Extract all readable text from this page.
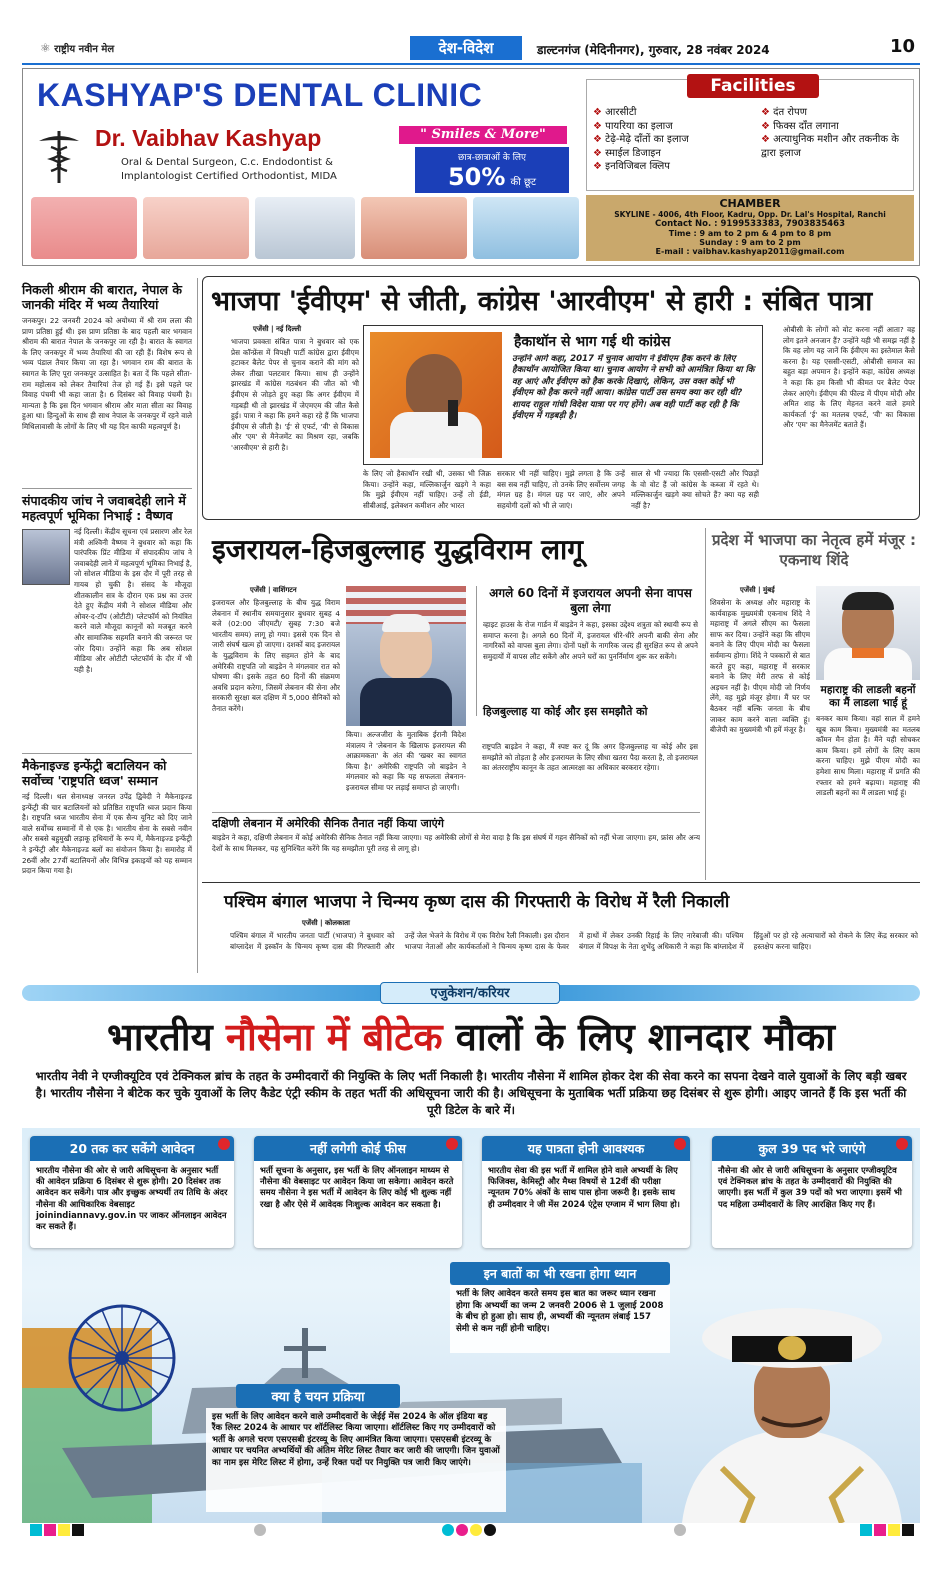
⚛ राष्ट्रीय नवीन मेल	देश-विदेश	डाल्टनगंज (मेदिनीनगर), गुरुवार, 28 नवंबर 2024	10
KASHYAP'S DENTAL CLINIC
Dr. Vaibhav Kashyap	" Smiles & More"
Oral & Dental Surgeon, C.c. Endodontist &
Implantologist Certified Orthodontist, MIDA
छात्र-छात्राओं के लिए
50% की छूट
Facilities
❖ आरसीटी
❖ पायरिया का इलाज
❖ टेढ़े-मेढ़े दाँतों का इलाज
❖ स्माईल डिजाइन
❖ इनविजिबल क्लिप
❖ दंत रोपण
❖ फिक्स दाँत लगाना
❖ अत्याधुनिक मशीन और तकनीक के द्वारा इलाज
CHAMBER
SKYLINE - 4006, 4th Floor, Kadru, Opp. Dr. Lal's Hospital, Ranchi
Contact No. : 9199533383, 7903835463
Time : 9 am to 2 pm & 4 pm to 8 pm
Sunday : 9 am to 2 pm
E-mail : vaibhav.kashyap2011@gmail.com
निकली श्रीराम की बारात, नेपाल के जानकी मंदिर में भव्य तैयारियां
जनकपुर। 22 जनवरी 2024 को अयोध्या में श्री राम लला की प्राण प्रतिष्ठा हुई थी। इस प्राण प्रतिष्ठा के बाद पहली बार भगवान श्रीराम की बारात नेपाल के जनकपुर जा रही है। बारात के स्वागत के लिए जनकपुर में भव्य तैयारियां की जा रही हैं। विशेष रूप से भव्य पंडाल तैयार किया जा रहा है। भगवान राम की बारात के स्वागत के लिए पूरा जनकपुर उत्साहित है। बता दें कि पहले सीता-राम महोत्सव को लेकर तैयारियां तेज हो गई हैं। इसे पहले पर विवाह पंचमी भी कहा जाता है। 6 दिसंबर को विवाह पंचमी है। मान्यता है कि इस दिन भगवान श्रीराम और माता सीता का विवाह हुआ था। हिन्दुओं के साथ ही साथ नेपाल के जनकपुर में रहने वाले मिथिलावासी के लोगों के लिए भी यह दिन काफी महत्वपूर्ण है।
संपादकीय जांच ने जवाबदेही लाने में महत्वपूर्ण भूमिका निभाई : वैष्णव
नई दिल्ली। केंद्रीय सूचना एवं प्रसारण और रेल मंत्री अश्विनी वैष्णव ने बुधवार को कहा कि पारंपरिक प्रिंट मीडिया में संपादकीय जांच ने जवाबदेही लाने में महत्वपूर्ण भूमिका निभाई है, जो सोशल मीडिया के इस दौर में पूरी तरह से गायब हो चुकी है। संसद के मौजूदा शीतकालीन सत्र के दौरान एक प्रश्न का उत्तर देते हुए केंद्रीय मंत्री ने सोशल मीडिया और ओवर-द-टॉप (ओटीटी) प्लेटफॉर्म को नियंत्रित करने वाले मौजूदा कानूनों को मजबूत करने और सामाजिक सहमति बनाने की जरूरत पर जोर दिया। उन्होंने कहा कि अब सोशल मीडिया और ओटीटी प्लेटफॉर्म के दौर में भी यही है।
मैकेनाइज्ड इन्फेंट्री बटालियन को सर्वोच्च 'राष्ट्रपति ध्वज' सम्मान
नई दिल्ली। थल सेनाध्यक्ष जनरल उपेंद्र द्विवेदी ने मैकेनाइज्ड इन्फेंट्री की चार बटालियनों को प्रतिष्ठित राष्ट्रपति ध्वज प्रदान किया है। राष्ट्रपति ध्वज भारतीय सेना में एक सैन्य यूनिट को दिए जाने वाले सर्वोच्च सम्मानों में से एक है। भारतीय सेना के सबसे नवीन और सबसे बहुमुखी लड़ाकू हथियारों के रूप में, मैकेनाइज्ड इन्फेंट्री ने इन्फेंट्री और मैकेनाइज्ड बलों का संयोजन किया है। समारोह में 26वीं और 27वीं बटालियनों और विभिन्न इकाइयों को यह सम्मान प्रदान किया गया है।
भाजपा 'ईवीएम' से जीती, कांग्रेस 'आरवीएम' से हारी : संबित पात्रा
एजेंसी | नई दिल्ली
भाजपा प्रवक्ता संबित पात्रा ने बुधवार को एक प्रेस कॉन्फ्रेंस में विपक्षी पार्टी कांग्रेस द्वारा ईवीएम हटाकर बैलेट पेपर से चुनाव कराने की मांग को लेकर तीखा पलटवार किया। साथ ही उन्होंने झारखंड में कांग्रेस गठबंधन की जीत को भी ईवीएम से जोड़ते हुए कहा कि अगर ईवीएम में गड़बड़ी थी तो झारखंड में जेएमएम की जीत कैसे हुई। पात्रा ने कहा कि हमने कहा रहे हैं कि भाजपा ईवीएम से जीती है। 'ई' से एफर्ट, 'वी' से विकास और 'एम' से मैनेजमेंट का मिश्रण रहा, जबकि 'आरवीएम' से हारी है।
हैकाथॉन से भाग गई थी कांग्रेस
उन्होंने आगे कहा, 2017 में चुनाव आयोग ने ईवीएम हैक करने के लिए हैकाथॉन आयोजित किया था। चुनाव आयोग ने सभी को आमंत्रित किया था कि वह आएं और ईवीएम को हैक करके दिखाएं, लेकिन, उस वक्त कोई भी ईवीएम को हैक करने नहीं आया। कांग्रेस पार्टी उस समय क्या कर रही थी? शायद राहुल गांधी विदेश यात्रा पर गए होंगे। अब वही पार्टी कह रही है कि ईवीएम में गड़बड़ी है।
के लिए जो हैकाथॉन रखी थी, उसका भी जिक्र किया। उन्होंने कहा, मल्लिकार्जुन खड़गे ने कहा कि मुझे ईवीएम नहीं चाहिए। उन्हें तो ईडी, सीबीआई, इलेक्शन कमीशन और भारत
सरकार भी नहीं चाहिए। मुझे लगता है कि उन्हें बस सब नहीं चाहिए, तो उनके लिए सर्वोत्तम जगह मंगल ग्रह है। मंगल ग्रह पर जाएं, और अपने सहयोगी दलों को भी ले जाएं।
साल से भी ज्यादा कि एससी-एसटी और पिछड़ों के वो वोट हैं जो कांग्रेस के कब्जा में रहते थे। मल्लिकार्जुन खड़गे क्या सोचते हैं? क्या यह सही नहीं है?
ओबीसी के लोगों को वोट करना नहीं आता? वह लोग इतने अनजान हैं? उन्होंने यही भी समझ नहीं है कि वह लोग यह जानें कि ईवीएम का इस्तेमाल कैसे करना है। यह एससी-एसटी, ओबीसी समाज का बहुत बड़ा अपमान है। इन्होंने कहा, कांग्रेस अध्यक्ष ने कहा कि हम किसी भी कीमत पर बैलेट पेपर लेकर आएंगे। ईवीएम की फील्ड में पीएम मोदी और अमित शाह के लिए मेहनत करने वाले हमारे कार्यकर्ता 'ई' का मतलब एफर्ट, 'वी' का विकास और 'एम' का मैनेजमेंट बताते हैं।
इजरायल-हिजबुल्लाह युद्धविराम लागू
एजेंसी | वाशिंगटन
इजरायल और हिजबुल्लाह के बीच युद्ध विराम लेबनान में स्थानीय समयानुसार बुधवार सुबह 4 बजे (02:00 जीएमटी/ सुबह 7:30 बजे भारतीय समय) लागू हो गया। इससे एक दिन से जारी संघर्ष खत्म हो जाएगा। दशकों बाद इजरायल के युद्धविराम के लिए सहमत होने के बाद अमेरिकी राष्ट्रपति जो बाइडेन ने मंगलवार रात को घोषणा की। इसके तहत 60 दिनों की संक्रमण अवधि प्रदान करेगा, जिसमें लेबनान की सेना और सरकारी सुरक्षा बल दक्षिण में 5,000 सैनिकों को तैनात करेंगे।
किया। अल्जजीरा के मुताबिक ईरानी विदेश मंत्रालय ने 'लेबनान के खिलाफ इजरायल की आक्रामकता' के अंत की 'खबर का स्वागत किया है।' अमेरिकी राष्ट्रपति जो बाइडेन ने मंगलवार को कहा कि यह सफलता लेबनान-इजरायल सीमा पर लड़ाई समाप्त हो जाएगी।
अगले 60 दिनों में इजरायल अपनी सेना वापस बुला लेगा
व्हाइट हाउस के रोज गार्डन में बाइडेन ने कहा, इसका उद्देश्य शत्रुता को स्थायी रूप से समाप्त करना है। अगले 60 दिनों में, इजरायल धीरे-धीरे अपनी बाकी सेना और नागरिकों को वापस बुला लेगा। दोनों पक्षों के नागरिक जल्द ही सुरक्षित रूप से अपने समुदायों में वापस लौट सकेंगे और अपने घरों का पुनर्निर्माण शुरू कर सकेंगे।
हिजबुल्लाह या कोई और इस समझौते को
राष्ट्रपति बाइडेन ने कहा, मैं स्पष्ट कर दूं कि अगर हिजबुल्लाह या कोई और इस समझौते को तोड़ता है और इजरायल के लिए सीधा खतरा पैदा करता है, तो इजरायल का अंतरराष्ट्रीय कानून के तहत आत्मरक्षा का अधिकार बरकरार रहेगा।
दक्षिणी लेबनान में अमेरिकी सैनिक तैनात नहीं किया जाएंगे
बाइडेन ने कहा, दक्षिणी लेबनान में कोई अमेरिकी सैनिक तैनात नहीं किया जाएगा। यह अमेरिकी लोगों से मेरा वादा है कि इस संघर्ष में गहन सैनिकों को नहीं भेजा जाएगा। हम, फ्रांस और अन्य देशों के साथ मिलकर, यह सुनिश्चित करेंगे कि यह समझौता पूरी तरह से लागू हो।
प्रदेश में भाजपा का नेतृत्व हमें मंजूर : एकनाथ शिंदे
एजेंसी | मुंबई
शिवसेना के अध्यक्ष और महाराष्ट्र के कार्यवाहक मुख्यमंत्री एकनाथ शिंदे ने महाराष्ट्र में अगले सीएम का फैसला साफ कर दिया। उन्होंने कहा कि सीएम बनाने के लिए पीएम मोदी का फैसला सर्वमान्य होगा। शिंदे ने पत्रकारों से बात करते हुए कहा, महाराष्ट्र में सरकार बनाने के लिए मेरी तरफ से कोई अड़चन नहीं है। पीएम मोदी जो निर्णय लेंगे, वह मुझे मंजूर होगा। मैं घर पर बैठकर नहीं बल्कि जनता के बीच जाकर काम करने वाला व्यक्ति हूं। बीजेपी का मुख्यमंत्री भी हमें मंजूर है।
महाराष्ट्र की लाडली बहनों का मैं लाडला भाई हूं
बनकर काम किया। वहां साल में हमने खूब काम किया। मुख्यमंत्री का मतलब कॉमन मैन होता है। मैंने यही सोचकर काम किया। हमें लोगों के लिए काम करना चाहिए। मुझे पीएम मोदी का हमेशा साथ मिला। महाराष्ट्र में प्रगति की रफ्तार को हमने बढ़ाया। महाराष्ट्र की लाडली बहनों का मैं लाडला भाई हूं।
पश्चिम बंगाल भाजपा ने चिन्मय कृष्ण दास की गिरफ्तारी के विरोध में रैली निकाली
एजेंसी | कोलकाता
पश्चिम बंगाल में भारतीय जनता पार्टी (भाजपा) ने बुधवार को बांग्लादेश में इस्कॉन के चिन्मय कृष्ण दास की गिरफ्तारी और उन्हें जेल भेजने के विरोध में एक विरोध रैली निकाली। इस दौरान भाजपा नेताओं और कार्यकर्ताओं ने चिन्मय कृष्ण दास के फेवर में हाथों में लेकर उनकी रिहाई के लिए नारेबाजी की। पश्चिम बंगाल में विपक्ष के नेता शुभेंदु अधिकारी ने कहा कि बांग्लादेश में हिंदुओं पर हो रहे अत्याचारों को रोकने के लिए केंद्र सरकार को हस्तक्षेप करना चाहिए।
एजुकेशन/करियर
भारतीय नौसेना में बीटेक वालों के लिए शानदार मौका
भारतीय नेवी ने एग्जीक्यूटिव एवं टेक्निकल ब्रांच के तहत के उम्मीदवारों की नियुक्ति के लिए भर्ती निकाली है। भारतीय नौसेना में शामिल होकर देश की सेवा करने का सपना देखने वाले युवाओं के लिए बड़ी खबर है। भारतीय नौसेना ने बीटेक कर चुके युवाओं के लिए कैडेट एंट्री स्कीम के तहत भर्ती की अधिसूचना जारी की है। अधिसूचना के मुताबिक भर्ती प्रक्रिया छह दिसंबर से शुरू होगी। आइए जानते हैं कि इस भर्ती की पूरी डिटेल के बारे में।
20 तक कर सकेंगे आवेदन
भारतीय नौसेना की ओर से जारी अधिसूचना के अनुसार भर्ती की आवेदन प्रक्रिया 6 दिसंबर से शुरू होगी। 20 दिसंबर तक आवेदन कर सकेंगे। पात्र और इच्छुक अभ्यर्थी तय तिथि के अंदर नौसेना की आधिकारिक वेबसाइट joinindiannavy.gov.in पर जाकर ऑनलाइन आवेदन कर सकते हैं।
नहीं लगेगी कोई फीस
भर्ती सूचना के अनुसार, इस भर्ती के लिए ऑनलाइन माध्यम से नौसेना की वेबसाइट पर आवेदन किया जा सकेगा। आवेदन करते समय नौसेना ने इस भर्ती में आवेदन के लिए कोई भी शुल्क नहीं रखा है और ऐसे में आवेदक निःशुल्क आवेदन कर सकता है।
यह पात्रता होनी आवश्यक
भारतीय सेवा की इस भर्ती में शामिल होने वाले अभ्यर्थी के लिए फिजिक्स, केमिस्ट्री और मैथ्स विषयों से 12वीं की परीक्षा न्यूनतम 70% अंकों के साथ पास होना जरूरी है। इसके साथ ही उम्मीदवार ने जी मेंस 2024 एंट्रेस एग्जाम में भाग लिया हो।
कुल 39 पद भरे जाएंगे
नौसेना की ओर से जारी अधिसूचना के अनुसार एग्जीक्यूटिव एवं टेक्निकल ब्रांच के तहत के उम्मीदवारों की नियुक्ति की जाएगी। इस भर्ती में कुल 39 पदों को भरा जाएगा। इसमें भी पद महिला उम्मीदवारों के लिए आरक्षित किए गए हैं।
इन बातों का भी रखना होगा ध्यान
भर्ती के लिए आवेदन करते समय इस बात का जरूर ध्यान रखना होगा कि अभ्यर्थी का जन्म 2 जनवरी 2006 से 1 जुलाई 2008 के बीच हो हुआ हो। साथ ही, अभ्यर्थी की न्यूनतम लंबाई 157 सेमी से कम नहीं होनी चाहिए।
क्या है चयन प्रक्रिया
इस भर्ती के लिए आवेदन करने वाले उम्मीदवारों के जेईई मेंस 2024 के ऑल इंडिया बड़ रैंक लिस्ट 2024 के आधार पर शॉर्टलिस्ट किया जाएगा। शॉर्टलिस्ट किए गए उम्मीदवारों को भर्ती के अगले चरण एसएसबी इंटरव्यू के लिए आमंत्रित किया जाएगा। एसएसबी इंटरव्यू के आधार पर चयनित अभ्यर्थियों की अंतिम मेरिट लिस्ट तैयार कर जारी की जाएगी। जिन युवाओं का नाम इस मेरिट लिस्ट में होगा, उन्हें रिक्त पदों पर नियुक्ति पत्र जारी किए जाएंगे।
